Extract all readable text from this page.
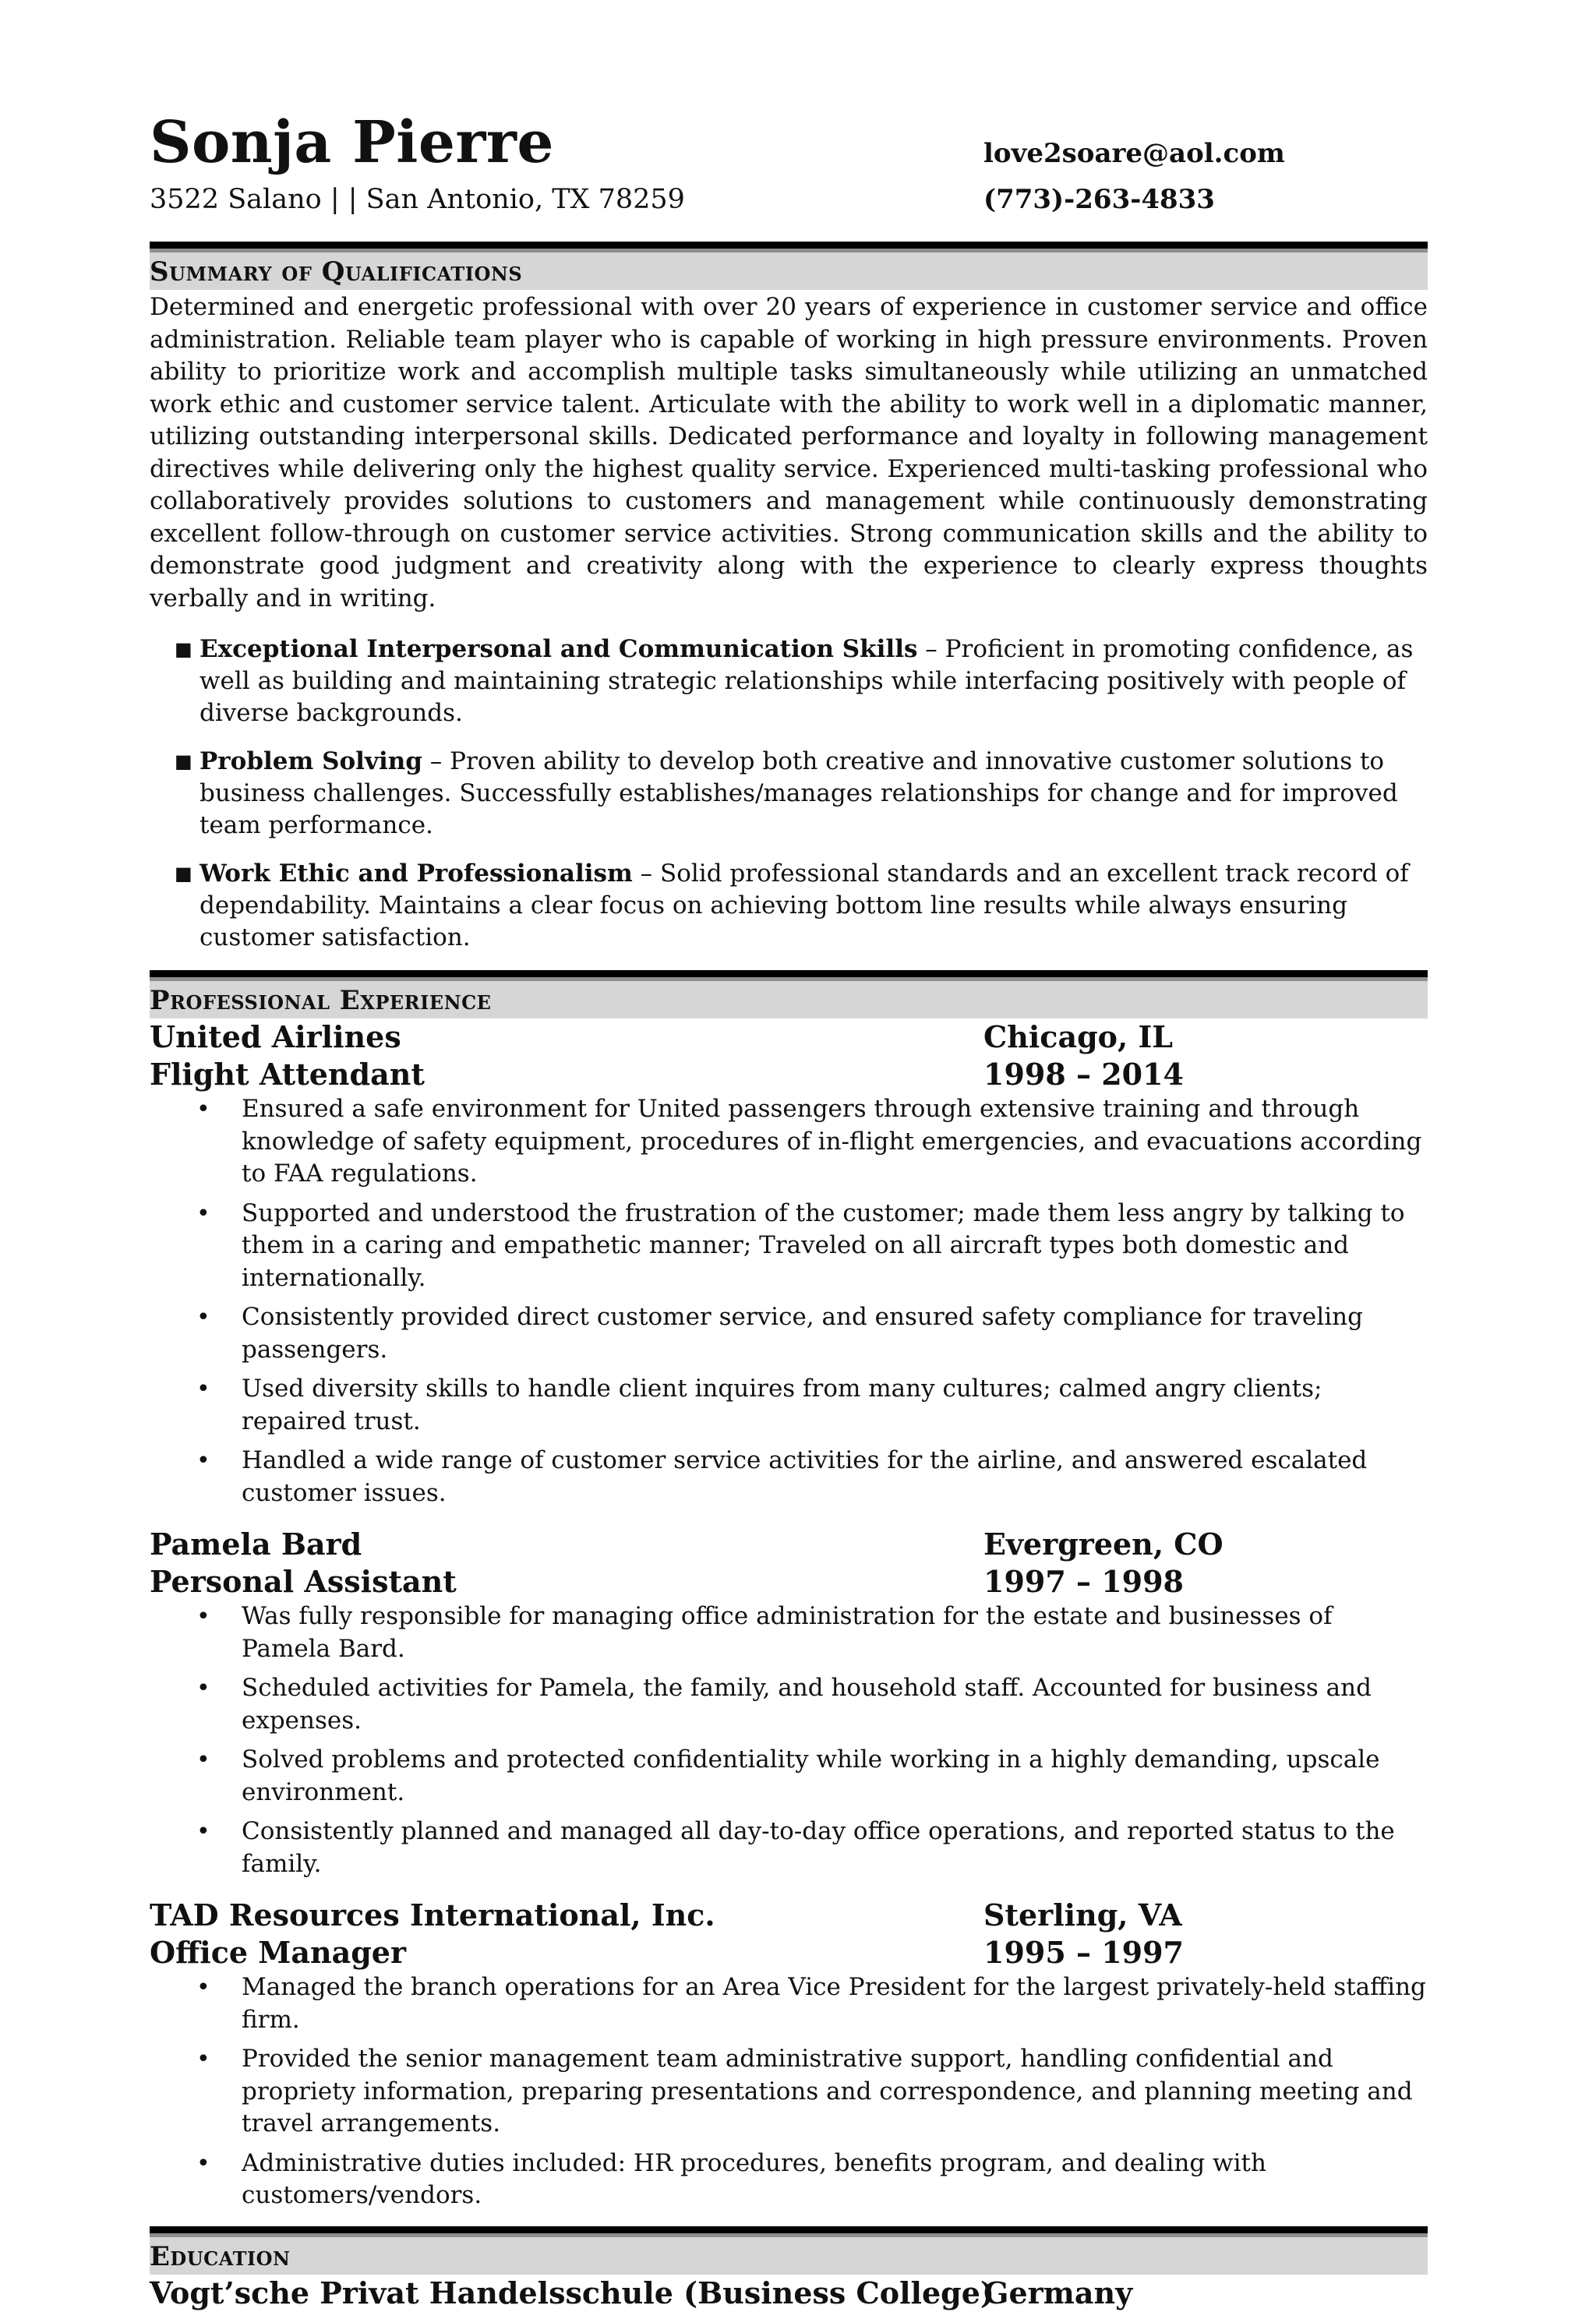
Sonja Pierre	love2soare@aol.com
3522 Salano | | San Antonio, TX 78259	(773)-263-4833
Summary of Qualifications

Determined and energetic professional with over 20 years of experience in customer service and office administration. Reliable team player who is capable of working in high pressure environments. Proven ability to prioritize work and accomplish multiple tasks simultaneously while utilizing an unmatched work ethic and customer service talent. Articulate with the ability to work well in a diplomatic manner, utilizing outstanding interpersonal skills. Dedicated performance and loyalty in following management directives while delivering only the highest quality service. Experienced multi-tasking professional who collaboratively provides solutions to customers and management while continuously demonstrating excellent follow-through on customer service activities. Strong communication skills and the ability to demonstrate good judgment and creativity along with the experience to clearly express thoughts verbally and in writing.

■ Exceptional Interpersonal and Communication Skills – Proficient in promoting confidence, as well as building and maintaining strategic relationships while interfacing positively with people of diverse backgrounds.
■ Problem Solving – Proven ability to develop both creative and innovative customer solutions to business challenges. Successfully establishes/manages relationships for change and for improved team performance.
■ Work Ethic and Professionalism – Solid professional standards and an excellent track record of dependability. Maintains a clear focus on achieving bottom line results while always ensuring customer satisfaction.
Professional Experience
United Airlines	Chicago, IL
Flight Attendant	1998 – 2014
•	Ensured a safe environment for United passengers through extensive training and through knowledge of safety equipment, procedures of in-flight emergencies, and evacuations according to FAA regulations.
•	Supported and understood the frustration of the customer; made them less angry by talking to them in a caring and empathetic manner; Traveled on all aircraft types both domestic and internationally.
•	Consistently provided direct customer service, and ensured safety compliance for traveling passengers.
•	Used diversity skills to handle client inquires from many cultures; calmed angry clients; repaired trust.
•	Handled a wide range of customer service activities for the airline, and answered escalated customer issues.
Pamela Bard	Evergreen, CO
Personal Assistant	1997 – 1998
•	Was fully responsible for managing office administration for the estate and businesses of Pamela Bard.
•	Scheduled activities for Pamela, the family, and household staff. Accounted for business and expenses.
•	Solved problems and protected confidentiality while working in a highly demanding, upscale environment.
•	Consistently planned and managed all day-to-day office operations, and reported status to the family.
TAD Resources International, Inc.	Sterling, VA
Office Manager	1995 – 1997
•	Managed the branch operations for an Area Vice President for the largest privately-held staffing firm.
•	Provided the senior management team administrative support, handling confidential and propriety information, preparing presentations and correspondence, and planning meeting and travel arrangements.
•	Administrative duties included: HR procedures, benefits program, and dealing with customers/vendors.
Education
Vogt’sche Privat Handelsschule (Business College)
Germany
